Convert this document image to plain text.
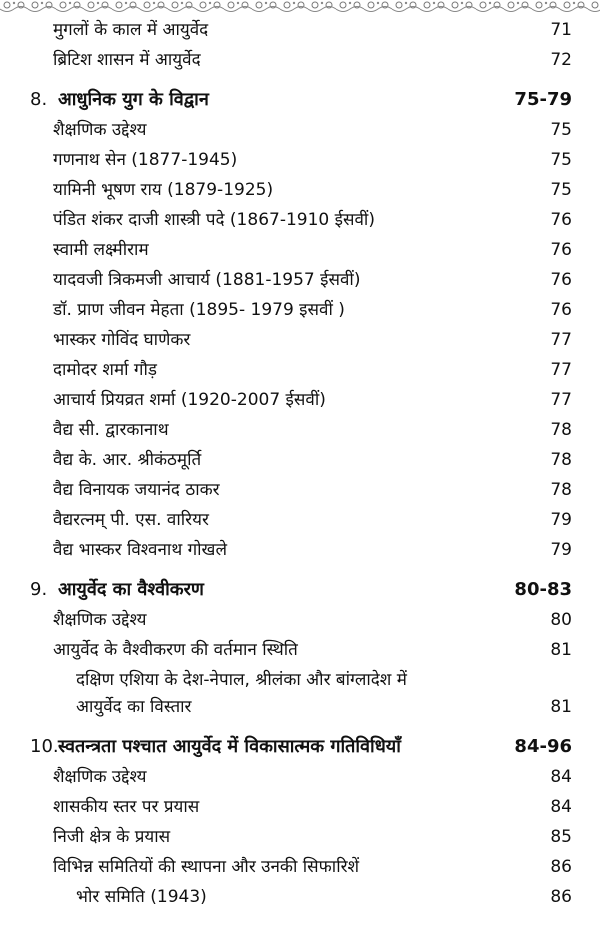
मुगलों के काल में आयुर्वेद	71
ब्रिटिश शासन में आयुर्वेद	72
8. आधुनिक युग के विद्वान	75-79
शैक्षणिक उद्देश्य	75
गणनाथ सेन (1877-1945)	75
यामिनी भूषण राय (1879-1925)	75
पंडित शंकर दाजी शास्त्री पदे (1867-1910 ईसवीं)	76
स्वामी लक्ष्मीराम	76
यादवजी त्रिकमजी आचार्य (1881-1957 ईसवीं)	76
डॉ. प्राण जीवन मेहता (1895- 1979 इसवीं )	76
भास्कर गोविंद घाणेकर	77
दामोदर शर्मा गौड़	77
आचार्य प्रियव्रत शर्मा (1920-2007 ईसवीं)	77
वैद्य सी. द्वारकानाथ	78
वैद्य के. आर. श्रीकंठमूर्ति	78
वैद्य विनायक जयानंद ठाकर	78
वैद्यरत्नम् पी. एस. वारियर	79
वैद्य भास्कर विश्वनाथ गोखले	79
9. आयुर्वेद का वैश्वीकरण	80-83
शैक्षणिक उद्देश्य	80
आयुर्वेद के वैश्वीकरण की वर्तमान स्थिति	81
दक्षिण एशिया के देश-नेपाल, श्रीलंका और बांग्लादेश में
आयुर्वेद का विस्तार	81
10. स्वतन्त्रता पश्चात आयुर्वेद में विकासात्मक गतिविधियाँ	84-96
शैक्षणिक उद्देश्य	84
शासकीय स्तर पर प्रयास	84
निजी क्षेत्र के प्रयास	85
विभिन्न समितियों की स्थापना और उनकी सिफारिशें	86
भोर समिति (1943)	86
